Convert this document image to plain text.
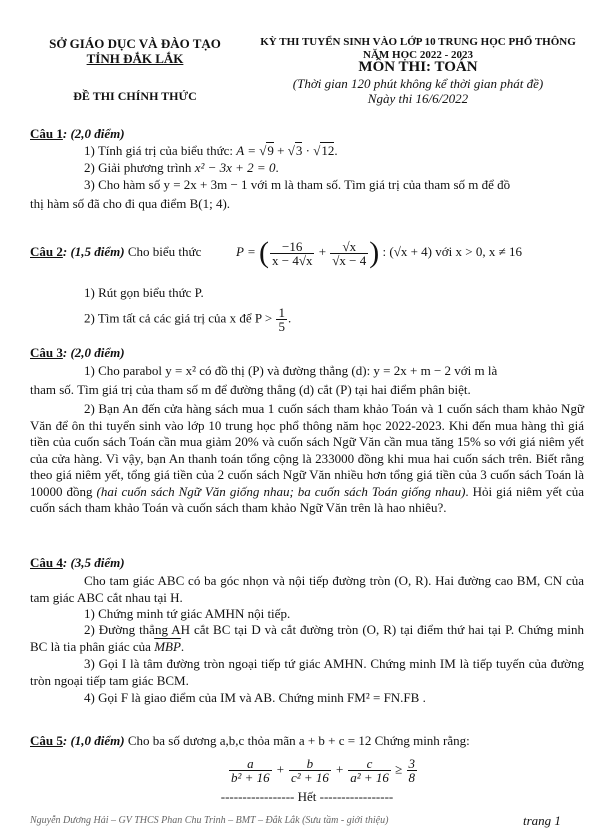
SỞ GIÁO DỤC VÀ ĐÀO TẠO
TỈNH ĐẮK LẮK
ĐỀ THI CHÍNH THỨC
KỲ THI TUYỂN SINH VÀO LỚP 10 TRUNG HỌC PHỔ THÔNG
NĂM HỌC 2022 - 2023
MÔN THI: TOÁN
(Thời gian 120 phút không kể thời gian phát đề)
Ngày thi 16/6/2022
Câu 1: (2,0 điểm)
1) Tính giá trị của biểu thức: A = √9 + √3 · √12.
2) Giải phương trình x² − 3x + 2 = 0.
3) Cho hàm số y = 2x + 3m − 1 với m là tham số. Tìm giá trị của tham số m để đồ
thị hàm số đã cho đi qua điểm B(1; 4).
Câu 2: (1,5 điểm) Cho biểu thức	P = ( $\frac{-16}{x - 4√x} + \frac{√x}{√x - 4}$ ) : (√x + 4) với x > 0, x ≠ 16
1) Rút gọn biểu thức P.
2) Tìm tất cả các giá trị của x để $P > \frac{1}{5}$ .
Câu 3: (2,0 điểm)
1) Cho parabol y = x² có đồ thị (P) và đường thẳng (d): y = 2x + m − 2 với m là
tham số. Tìm giá trị của tham số m để đường thẳng (d) cắt (P) tại hai điểm phân biệt.
2) Bạn An đến cửa hàng sách mua 1 cuốn sách tham khảo Toán và 1 cuốn sách tham khảo Ngữ Văn để ôn thi tuyển sinh vào lớp 10 trung học phổ thông năm học 2022-2023. Khi đến mua hàng thì giá tiền của cuốn sách Toán cần mua giảm 20% và cuốn sách Ngữ Văn cần mua tăng 15% so với giá niêm yết của cửa hàng. Vì vậy, bạn An thanh toán tổng cộng là 233000 đồng khi mua hai cuốn sách trên. Biết rằng theo giá niêm yết, tổng giá tiền của 2 cuốn sách Ngữ Văn nhiều hơn tổng giá tiền của 3 cuốn sách Toán là 10000 đồng (hai cuốn sách Ngữ Văn giống nhau; ba cuốn sách Toán giống nhau). Hỏi giá niêm yết của cuốn sách tham khảo Toán và cuốn sách tham khảo Ngữ Văn trên là hao nhiêu?.
Câu 4: (3,5 điểm)
Cho tam giác ABC có ba góc nhọn và nội tiếp đường tròn (O, R). Hai đường cao BM, CN của tam giác ABC cắt nhau tại H.
1) Chứng minh tứ giác AMHN nội tiếp.
2) Đường thẳng AH cắt BC tại D và cắt đường tròn (O, R) tại điểm thứ hai tại P. Chứng minh BC là tia phân giác của $\overline{MBP}$.
3) Gọi I là tâm đường tròn ngoại tiếp tứ giác AMHN. Chứng minh IM là tiếp tuyến của đường tròn ngoại tiếp tam giác BCM.
4) Gọi F là giao điểm của IM và AB. Chứng minh FM² = FN.FB .
Câu 5: (1,0 điểm) Cho ba số dương a,b,c thỏa mãn a + b + c = 12 Chứng minh rằng:
$\frac{a}{\text{b² + 16}} + \frac{b}{\text{c² + 16}} + \frac{c}{\text{a² + 16}} \ge \frac{3}{8}$
----------------- Hết -----------------
Nguyễn Dương Hải – GV THCS Phan Chu Trinh – BMT – Đắk Lắk (Sưu tầm - giới thiệu)	trang 1
